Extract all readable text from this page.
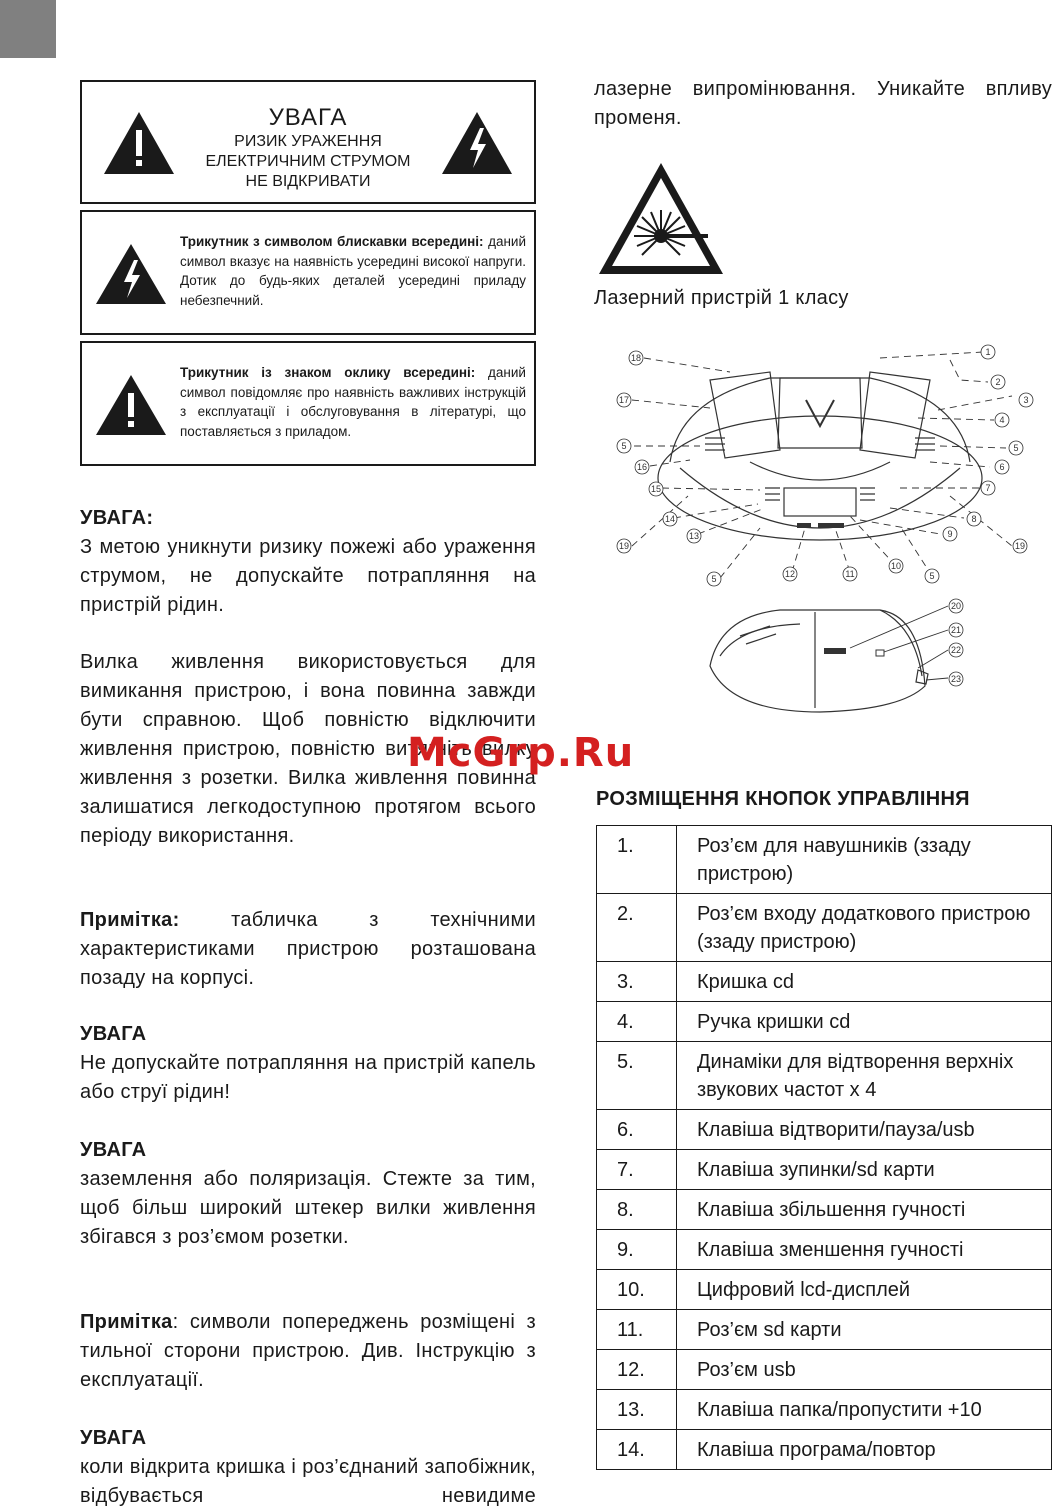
УВАГА
РИЗИК УРАЖЕННЯ
ЕЛЕКТРИЧНИМ СТРУМОМ
НЕ ВІДКРИВАТИ
Трикутник з символом блискавки всередині: даний символ вказує на наявність усередині високої напруги. Дотик до будь-яких деталей усередині приладу небезпечний.
Трикутник із знаком оклику всередині: даний символ повідомляє про наявність важливих інструкцій з експлуатації і обслуговування в літературі, що поставляється з приладом.
УВАГА:

З метою уникнути ризику пожежі або ураження струмом, не допускайте потрапляння на пристрій рідин.

Вилка живлення використовується для вимикання пристрою, і вона повинна завжди бути справною. Щоб повністю відключити живлення пристрою, повністю витягніть вилку живлення з розетки. Вилка живлення повинна залишатися легкодоступною протягом всього періоду використання.

Примітка:	табличка з технічними характеристиками пристрою розташована позаду на корпусі.

УВАГА

Не допускайте потрапляння на пристрій капель або струї рідин!

УВАГА

заземлення або поляризація. Стежте за тим, щоб більш широкий штекер вилки живлення збігався з роз’ємом розетки.

Примітка: символи попереджень розміщені з тильної сторони пристрою. Див. Інструкцію з експлуатації.

УВАГА

коли відкрита кришка і роз’єднаний запобіжник, відбувається невидиме

лазерне випромінювання. Уникайте впливу променя.

Лазерний пристрій 1 класу
1
2
3
4
5
6
7
8
9
19
10
5
11
12
5
13
19
14
15
16
5
17
18
20
21
22
23
McGrp.Ru
РОЗМІЩЕННЯ КНОПОК УПРАВЛІННЯ
1.	Роз’єм для навушників (ззаду пристрою)
2.	Роз’єм входу додаткового пристрою (ззаду пристрою)
3.	Кришка cd
4.	Ручка кришки cd
5.	Динаміки для відтворення верхніх звукових частот х 4
6.	Клавіша відтворити/пауза/usb
7.	Клавіша зупинки/sd карти
8.	Клавіша збільшення гучності
9.	Клавіша зменшення гучності
10.	Цифровий lcd-дисплей
11.	Роз’єм sd карти
12.	Роз’єм usb
13.	Клавіша папка/пропустити +10
14.	Клавіша програма/повтор
